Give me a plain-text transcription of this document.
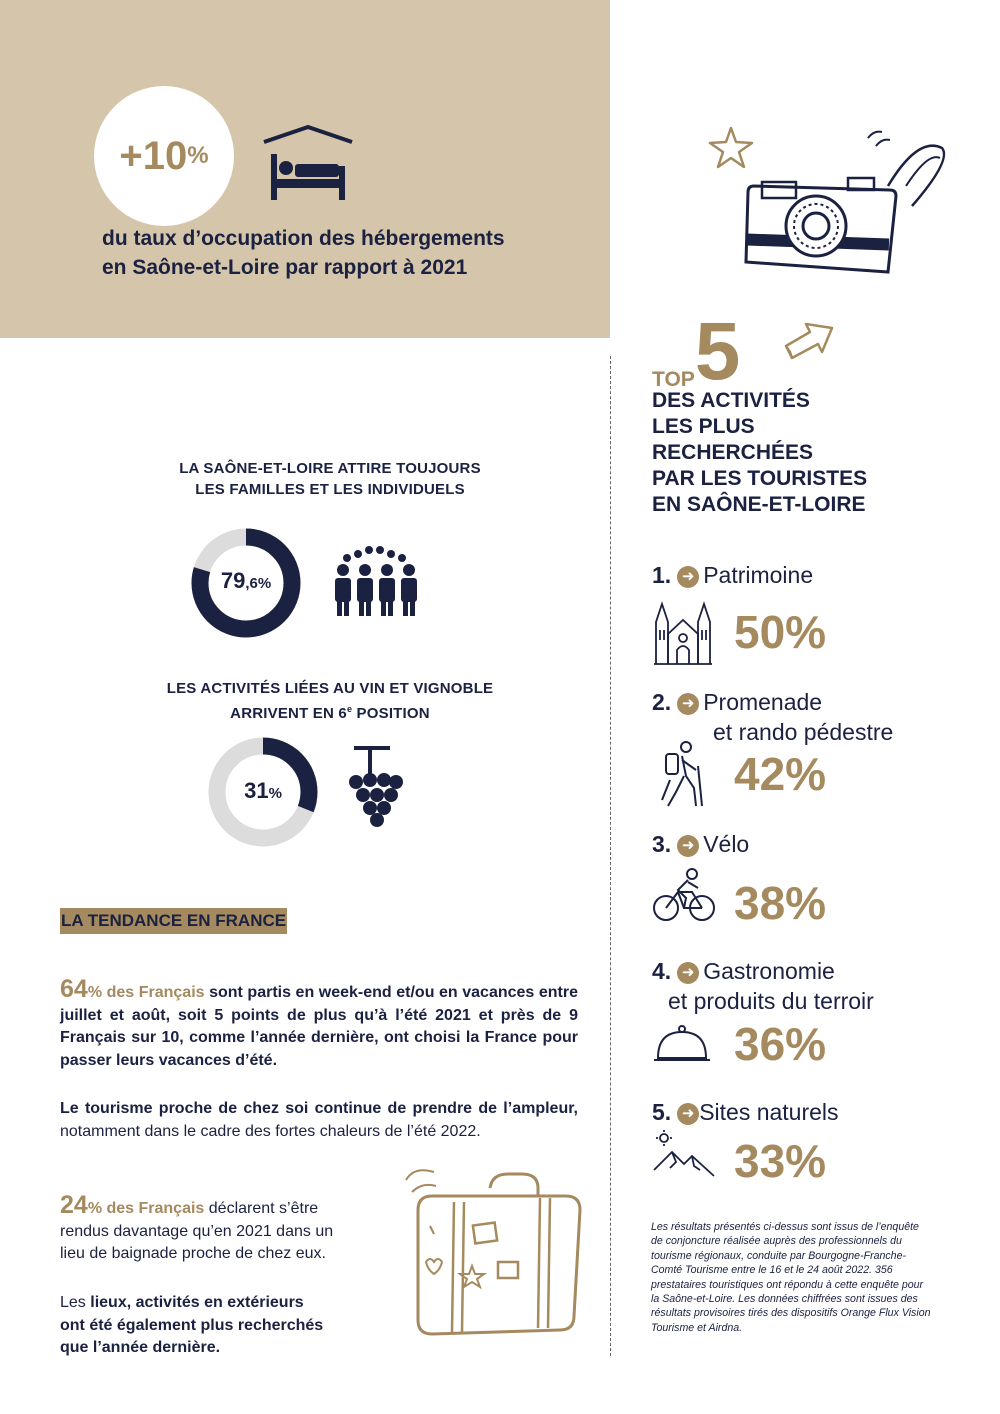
+10 %
du taux d’occupation des hébergements
en Saône-et-Loire par rapport à 2021
LA SAÔNE-ET-LOIRE ATTIRE TOUJOURS
LES FAMILLES ET LES INDIVIDUELS
79,6%
LES ACTIVITÉS LIÉES AU VIN ET VIGNOBLE
ARRIVENT EN 6e POSITION
31%
LA TENDANCE EN FRANCE
64% des Français sont partis en week-end et/ou en vacances entre juillet et août, soit 5 points de plus qu’à l’été 2021 et près de 9 Français sur 10, comme l’année dernière, ont choisi la France pour passer leurs vacances d’été.
Le tourisme proche de chez soi continue de prendre de l’ampleur, notamment dans le cadre des fortes chaleurs de l’été 2022.
24% des Français déclarent s’être
rendus davantage qu’en 2021 dans un
lieu de baignade proche de chez eux.
Les lieux, activités en extérieurs
ont été également plus recherchés
que l’année dernière.
TOP5
DES ACTIVITÉS
LES PLUS
RECHERCHÉES
PAR LES TOURISTES
EN SAÔNE-ET-LOIRE
1. ➜ Patrimoine
50%
2. ➜ Promenade
et rando pédestre
42%
3. ➜ Vélo
38%
4. ➜ Gastronomie
et produits du terroir
36%
5. ➜ Sites naturels
33%
Les résultats présentés ci-dessus sont issus de l’enquête de conjoncture réalisée auprès des professionnels du tourisme régionaux, conduite par Bourgogne-Franche-Comté Tourisme entre le 16 et le 24 août 2022. 356 prestataires touristiques ont répondu à cette enquête pour la Saône-et-Loire. Les données chiffrées sont issues des résultats provisoires tirés des dispositifs Orange Flux Vision Tourisme et Airdna.
